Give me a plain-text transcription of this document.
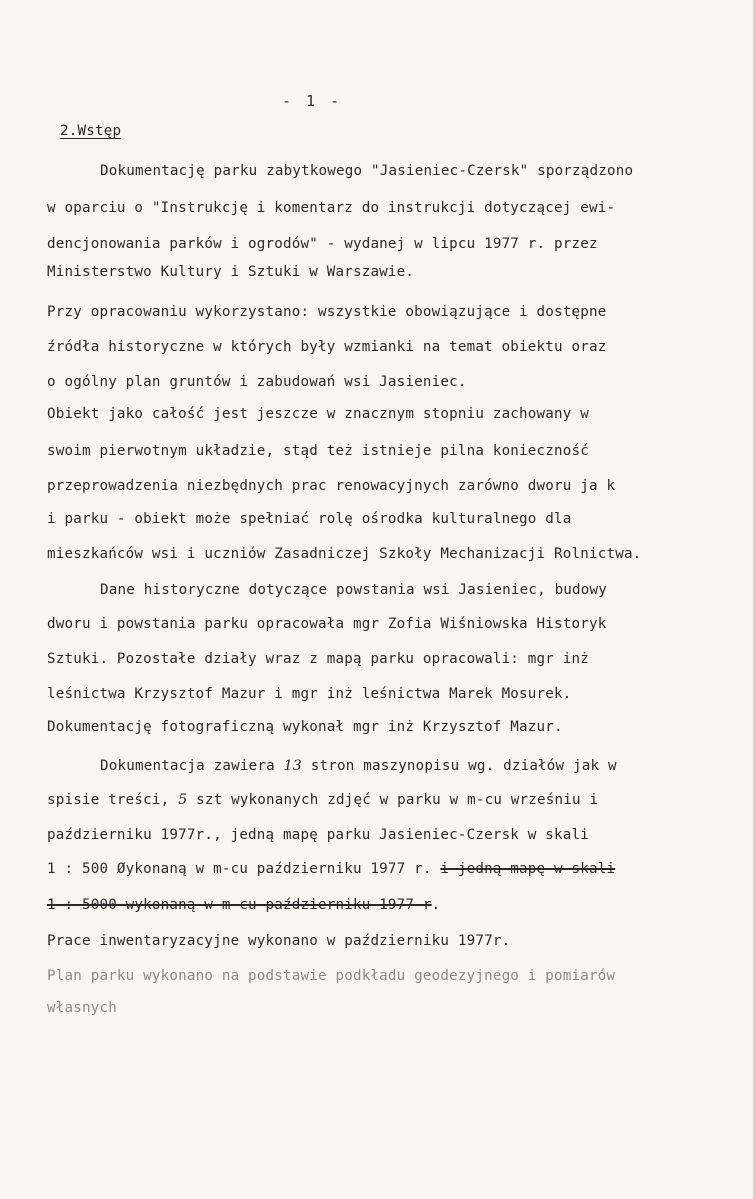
- 1 -
2.Wstęp
Dokumentację parku zabytkowego "Jasieniec-Czersk" sporządzono
w oparciu o "Instrukcję i komentarz do instrukcji dotyczącej ewi-
dencjonowania parków i ogrodów" - wydanej w lipcu 1977 r. przez
Ministerstwo Kultury i Sztuki w Warszawie.
Przy opracowaniu wykorzystano: wszystkie obowiązujące i dostępne
źródła historyczne w których były wzmianki na temat obiektu oraz
o ogólny plan gruntów i zabudowań wsi Jasieniec.
Obiekt jako całość jest jeszcze w znacznym stopniu zachowany w
swoim pierwotnym układzie, stąd też istnieje pilna konieczność
przeprowadzenia niezbędnych prac renowacyjnych zarówno dworu ja k
i parku - obiekt może spełniać rolę ośrodka kulturalnego dla
mieszkańców wsi i uczniów Zasadniczej Szkoły Mechanizacji Rolnictwa.
Dane historyczne dotyczące powstania wsi Jasieniec, budowy
dworu i powstania parku opracowała mgr Zofia Wiśniowska Historyk
Sztuki. Pozostałe działy wraz z mapą parku opracowali: mgr inż
leśnictwa Krzysztof Mazur i mgr inż leśnictwa Marek Mosurek.
Dokumentację fotograficzną wykonał mgr inż Krzysztof Mazur.
Dokumentacja zawiera 13 stron maszynopisu wg. działów jak w
spisie treści, 5 szt wykonanych zdjęć w parku w m-cu wrześniu i
październiku 1977r., jedną mapę parku Jasieniec-Czersk w skali
1 : 500 Øykonaną w m-cu październiku 1977 r. i jedną mapę w skali
1 : 5000 wykonaną w m-cu październiku 1977 r.
Prace inwentaryzacyjne wykonano w październiku 1977r.
Plan parku wykonano na podstawie podkładu geodezyjnego i pomiarów
własnych
